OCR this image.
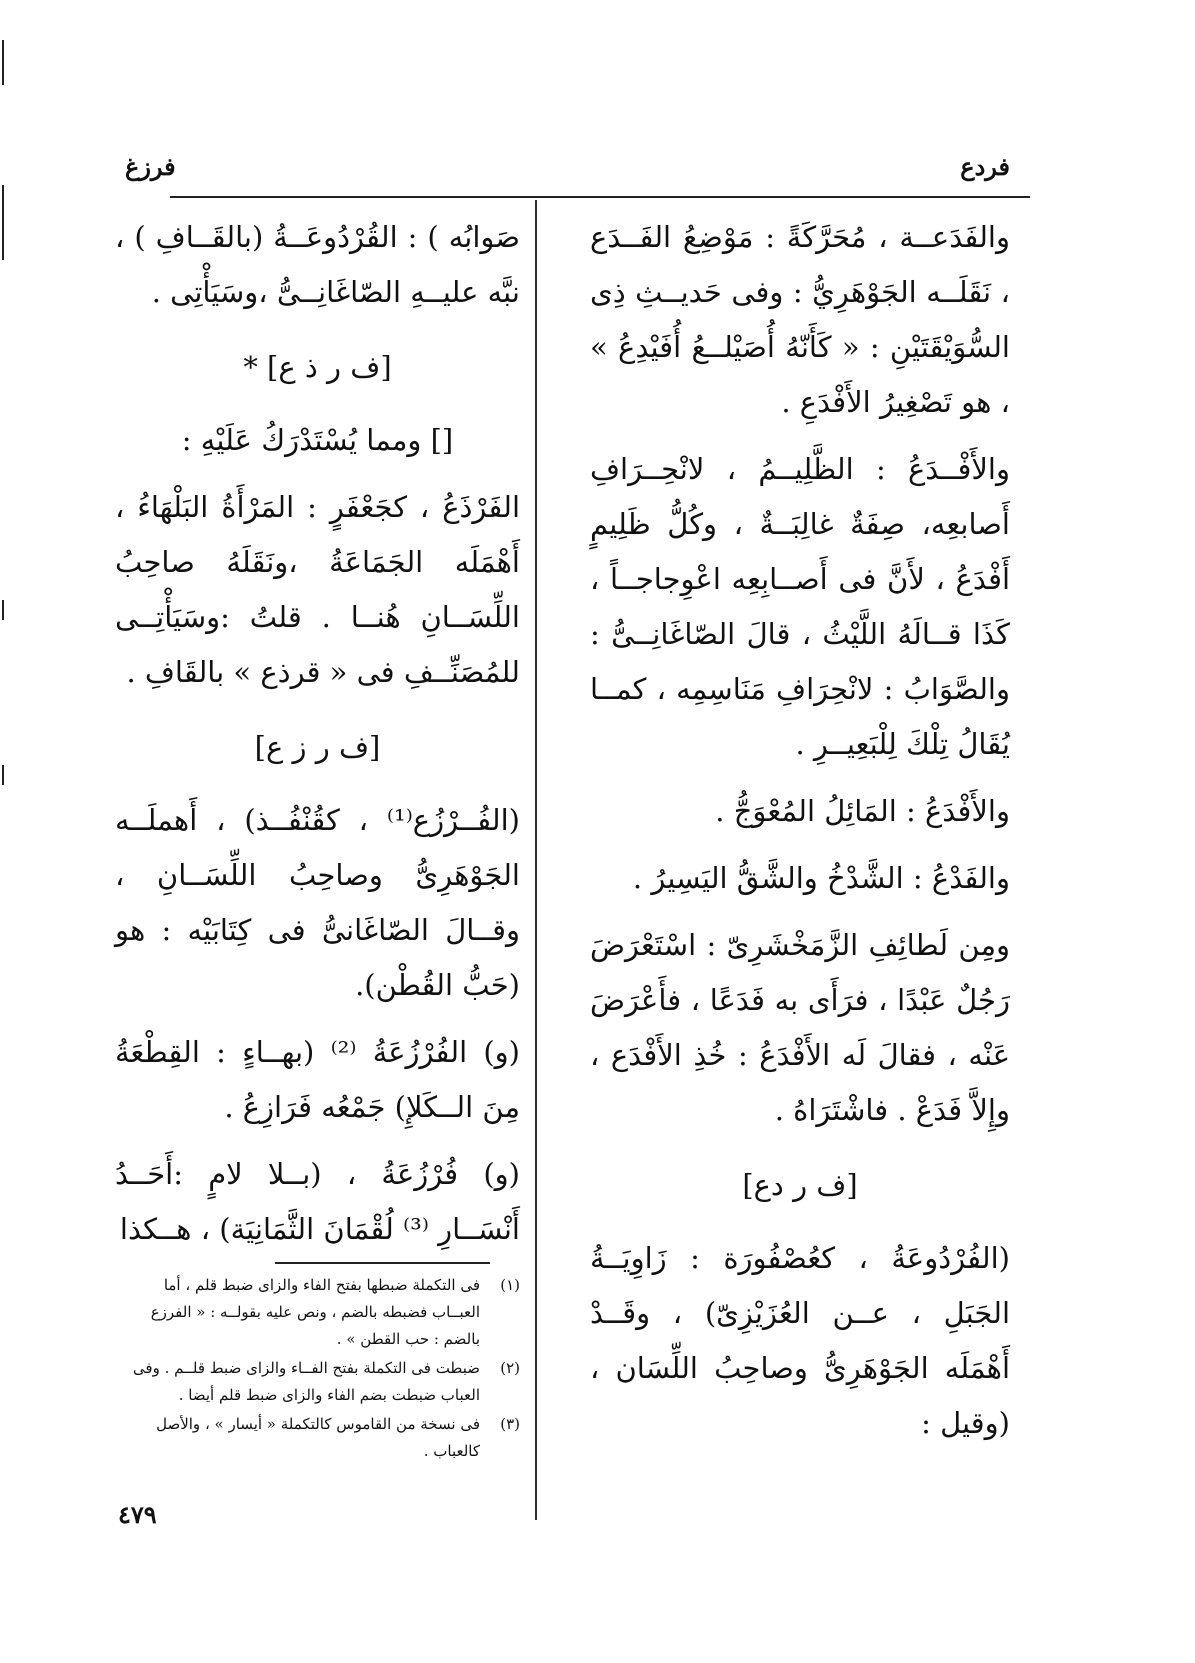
فردع
فرزغ

والفَدَعــة ، مُحَرَّكَةً : مَوْضِعُ الفَــدَع ، نَقَلَــه الجَوْهَرِيُّ : وفى حَديــثِ ذِى السُّوَيْقَتَيْنِ : « كَأَنّهُ أُصَيْلــعُ أُفَيْدِعُ » ، هو تَصْغِيرُ الأَفْدَعِ .

والأَفْــدَعُ : الظَّلِيــمُ ، لانْحِــرَافِ أَصابعِه، صِفَةٌ غالِبَــةٌ ، وكُلُّ ظَلِيمٍ أَفْدَعُ ، لأَنَّ فى أَصــابِعِه اعْوِجاجــاً ، كَذَا قــالَهُ اللَّيْثُ ، قالَ الصّاغَانِــىُّ : والصَّوَابُ : لانْحِرَافِ مَنَاسِمِه ، كمــا يُقَالُ تِلْكَ لِلْبَعِيــرِ .

والأَفْدَعُ : المَائِلُ المُعْوَجُّ .

والفَدْعُ : الشَّدْخُ والشَّقُّ اليَسِيرُ .

ومِن لَطائِفِ الزَّمَخْشَرِىّ : اسْتَعْرَضَ رَجُلٌ عَبْدًا ، فرَأَى به فَدَعًا ، فأَعْرَضَ عَنْه ، فقالَ لَه الأَفْدَعُ : خُذِ الأَفْدَع ، وإِلاَّ فَدَعْ . فاشْتَرَاهُ .

[ف ر دع]

(الفُرْدُوعَةُ ، كعُصْفُورَة : زَاوِيَــةُ الجَبَلِ ، عــن العُزَيْزِىّ) ، وقَــدْ أَهْمَلَه الجَوْهَرِىُّ وصاحِبُ اللِّسَان ، (وقيل :

صَوابُه ) : القُرْدُوعَــةُ (بالقَــافِ ) ، نبَّه عليــهِ الصّاغَانِــىُّ ،وسَيَأْتِى .

[ف ر ذ ع] *

[] ومما يُسْتَدْرَكُ عَلَيْهِ :

الفَرْذَعُ ، كجَعْفَرٍ : المَرْأَةُ البَلْهَاءُ ، أَهْمَلَه الجَمَاعَةُ ،ونَقَلَهُ صاحِبُ اللِّسَــانِ هُنــا . قلتُ :وسَيَأْتِــى للمُصَنِّــفِ فى « قرذع » بالقَافِ .

[ف ر ز ع]

(الفُــرْزُع⁽¹⁾ ، كقُنْفُــذ) ، أَهملَــه الجَوْهَرِىُّ وصاحِبُ اللِّسَــانِ ، وقــالَ الصّاغَانىُّ فى كِتَابَيْه : هو (حَبُّ القُطْن).

(و) الفُرْزُعَةُ ⁽²⁾ (بهــاءٍ : القِطْعَةُ مِنَ الــكَلإِ) جَمْعُه فَرَازِعُ .

(و) فُرْزُعَةُ ، (بــلا لامٍ :أَحَــدُ أَنْسَــارِ ⁽³⁾ لُقْمَانَ الثَّمَانِيَة) ، هــكذا

(١)
فى التكملة ضبطها بفتح الفاء والزاى ضبط قلم ، أما العبــاب فضبطه بالضم ، ونص عليه بقولــه : « الفرزع بالضم : حب القطن » .
(٢)
ضبطت فى التكملة بفتح الفــاء والزاى ضبط قلــم . وفى العباب ضبطت بضم الفاء والزاى ضبط قلم أيضا .
(٣)
فى نسخة من القاموس كالتكملة « أيسار » ، والأصل كالعباب .
٤٧٩
